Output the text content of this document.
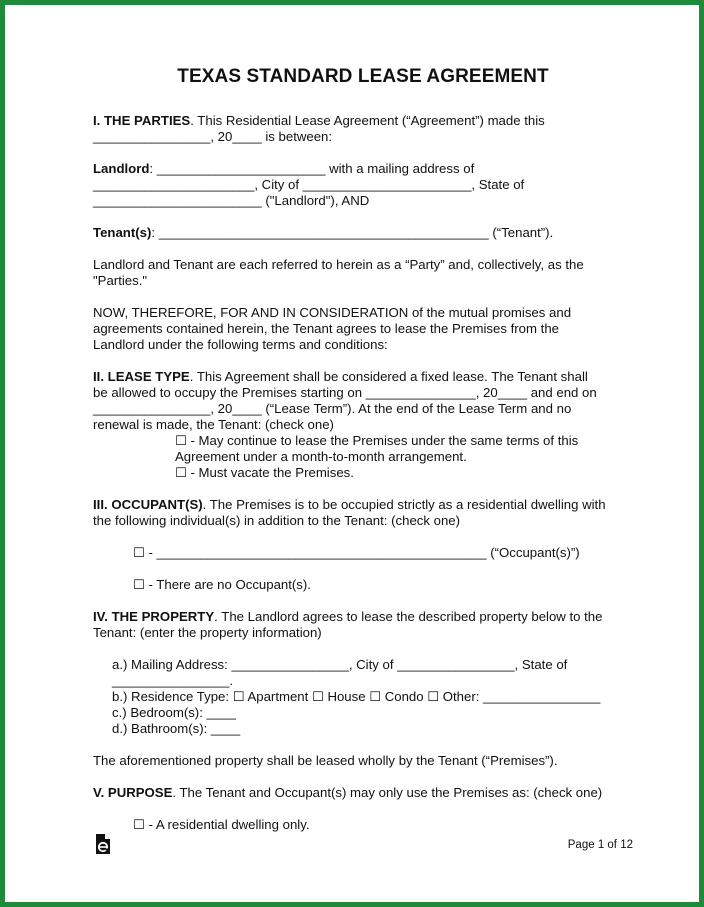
TEXAS STANDARD LEASE AGREEMENT
I. THE PARTIES. This Residential Lease Agreement (“Agreement”) made this
________________, 20____ is between:
Landlord: _______________________ with a mailing address of
______________________, City of _______________________, State of
_______________________ ("Landlord"), AND
Tenant(s): _____________________________________________ (“Tenant”).
Landlord and Tenant are each referred to herein as a “Party” and, collectively, as the
"Parties."
NOW, THEREFORE, FOR AND IN CONSIDERATION of the mutual promises and
agreements contained herein, the Tenant agrees to lease the Premises from the
Landlord under the following terms and conditions:
II. LEASE TYPE. This Agreement shall be considered a fixed lease. The Tenant shall
be allowed to occupy the Premises starting on _______________, 20____ and end on
________________, 20____ (“Lease Term”). At the end of the Lease Term and no
renewal is made, the Tenant: (check one)
☐ - May continue to lease the Premises under the same terms of this
Agreement under a month-to-month arrangement.
☐ - Must vacate the Premises.
III. OCCUPANT(S). The Premises is to be occupied strictly as a residential dwelling with
the following individual(s) in addition to the Tenant: (check one)
☐ - _____________________________________________ (“Occupant(s)”)
☐ - There are no Occupant(s).
IV. THE PROPERTY. The Landlord agrees to lease the described property below to the
Tenant: (enter the property information)
a.) Mailing Address: ________________, City of ________________, State of
________________.
b.) Residence Type: ☐ Apartment ☐ House ☐ Condo ☐ Other: ________________
c.) Bedroom(s): ____
d.) Bathroom(s): ____
The aforementioned property shall be leased wholly by the Tenant (“Premises”).
V. PURPOSE. The Tenant and Occupant(s) may only use the Premises as: (check one)
☐ - A residential dwelling only.
Page 1 of 12
